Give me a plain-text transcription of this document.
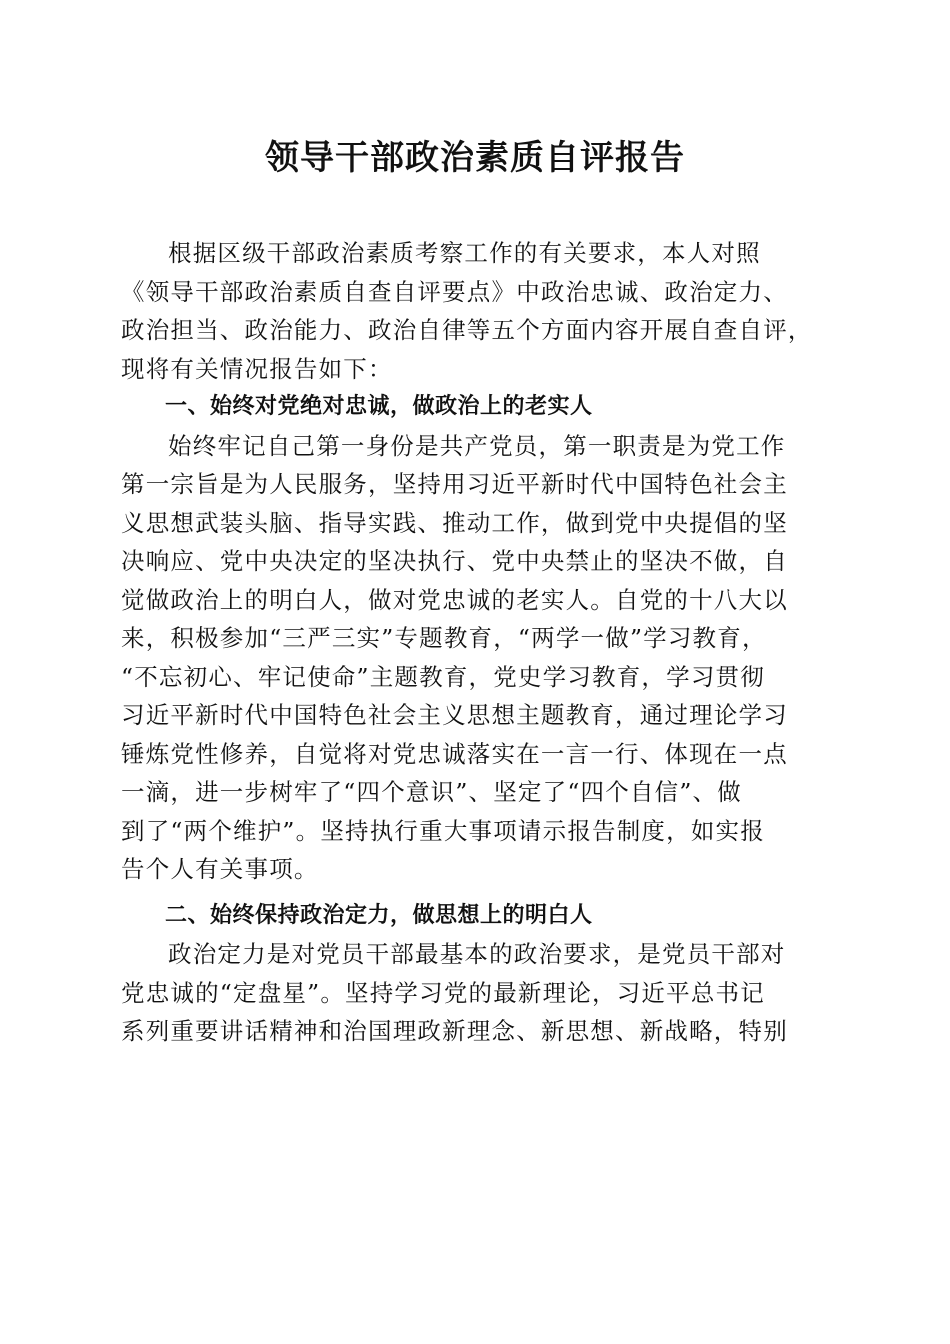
领导干部政治素质自评报告

根据区级干部政治素质考察工作的有关要求，本人对照
《领导干部政治素质自查自评要点》中政治忠诚、政治定力、
政治担当、政治能力、政治自律等五个方面内容开展自查自评，
现将有关情况报告如下：

一、始终对党绝对忠诚，做政治上的老实人

始终牢记自己第一身份是共产党员，第一职责是为党工作
第一宗旨是为人民服务，坚持用习近平新时代中国特色社会主
义思想武装头脑、指导实践、推动工作，做到党中央提倡的坚
决响应、党中央决定的坚决执行、党中央禁止的坚决不做，自
觉做政治上的明白人，做对党忠诚的老实人。自党的十八大以
来，积极参加“三严三实”专题教育，“两学一做”学习教育，
“不忘初心、牢记使命”主题教育，党史学习教育，学习贯彻
习近平新时代中国特色社会主义思想主题教育，通过理论学习
锤炼党性修养，自觉将对党忠诚落实在一言一行、体现在一点
一滴，进一步树牢了“四个意识”、坚定了“四个自信”、做
到了“两个维护”。坚持执行重大事项请示报告制度，如实报
告个人有关事项。

二、始终保持政治定力，做思想上的明白人

政治定力是对党员干部最基本的政治要求，是党员干部对
党忠诚的“定盘星”。坚持学习党的最新理论，习近平总书记
系列重要讲话精神和治国理政新理念、新思想、新战略，特别
